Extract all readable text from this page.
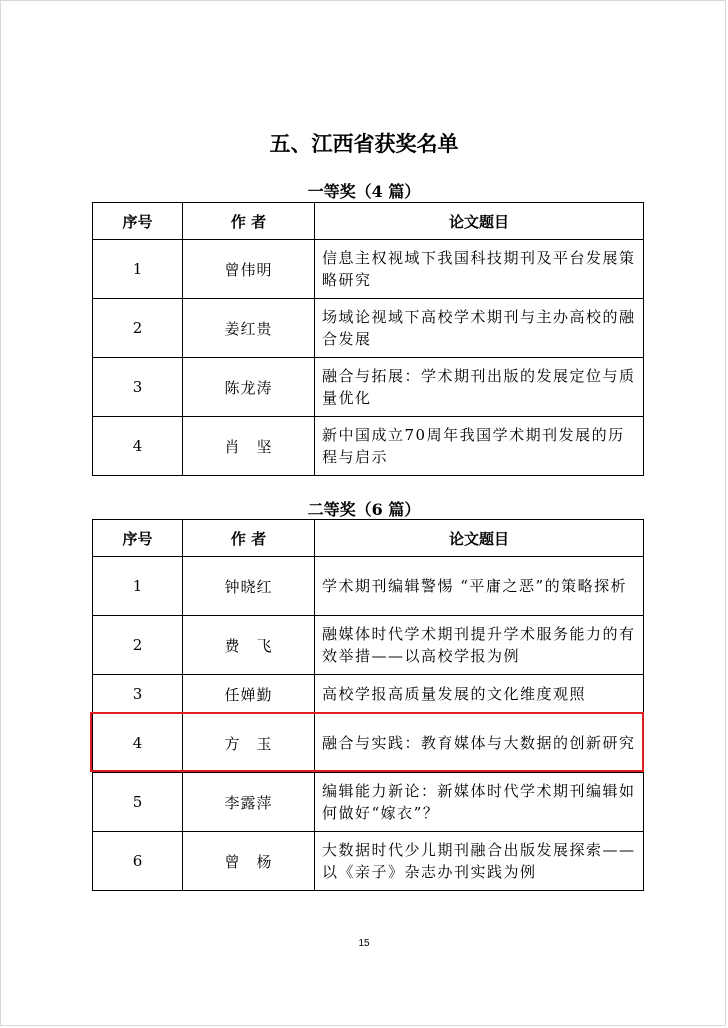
五、江西省获奖名单
一等奖（4 篇）
序号	作 者	论文题目
1	曾伟明	信息主权视域下我国科技期刊及平台发展策略研究
2	姜红贵	场域论视域下高校学术期刊与主办高校的融合发展
3	陈龙涛	融合与拓展：学术期刊出版的发展定位与质量优化
4	肖　坚	新中国成立70周年我国学术期刊发展的历程与启示
二等奖（6 篇）
序号	作 者	论文题目
1	钟晓红	学术期刊编辑警惕 “平庸之恶”的策略探析
2	费　飞	融媒体时代学术期刊提升学术服务能力的有效举措——以高校学报为例
3	任婵勤	高校学报高质量发展的文化维度观照
4	方　玉	融合与实践：教育媒体与大数据的创新研究
5	李露萍	编辑能力新论：新媒体时代学术期刊编辑如何做好“嫁衣”？
6	曾　杨	大数据时代少儿期刊融合出版发展探索——以《亲子》杂志办刊实践为例
15
